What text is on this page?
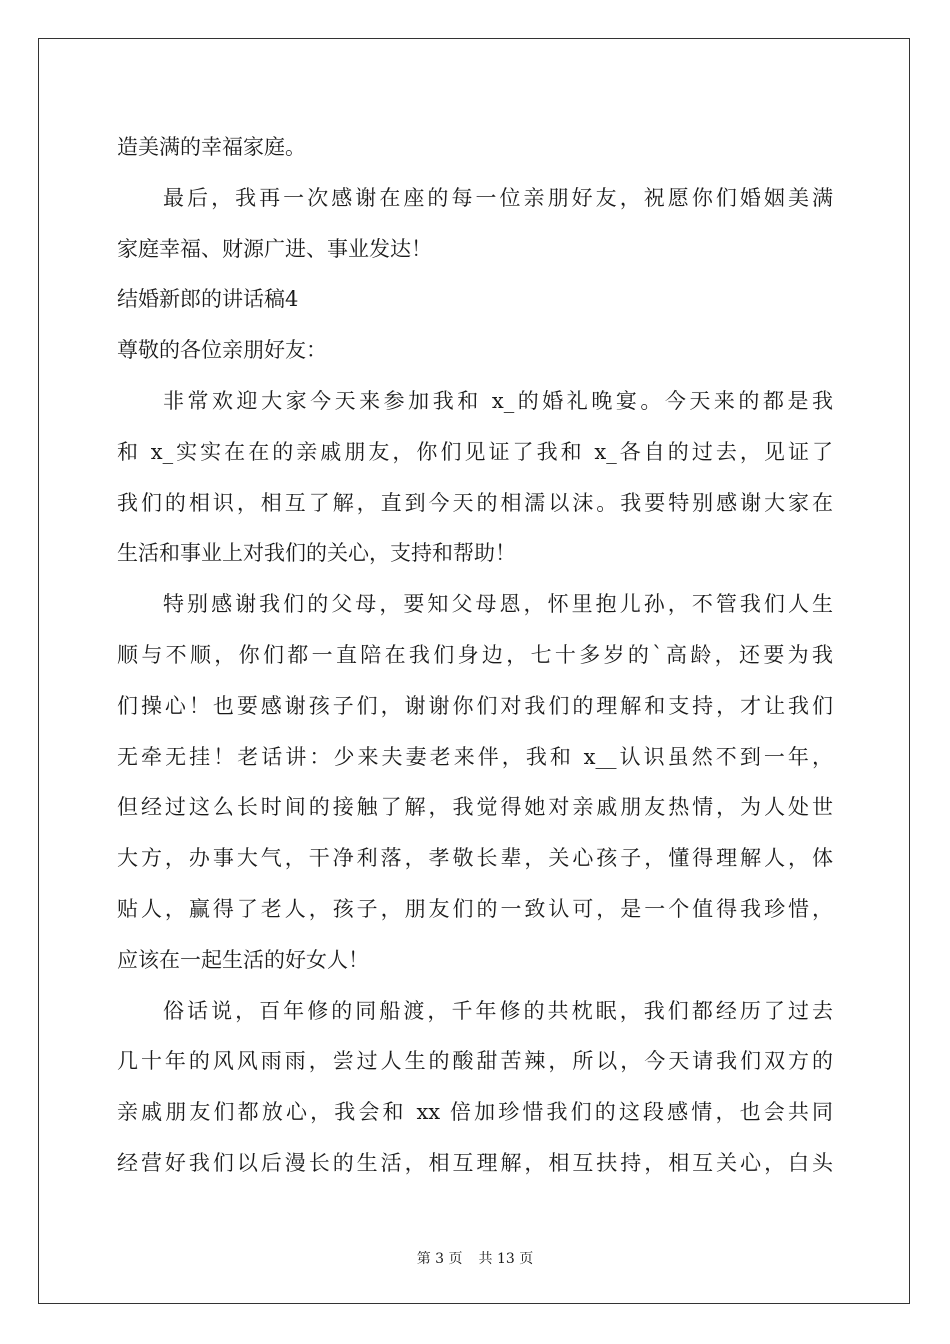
造美满的幸福家庭。
最后，我再一次感谢在座的每一位亲朋好友，祝愿你们婚姻美满
家庭幸福、财源广进、事业发达！
结婚新郎的讲话稿4
尊敬的各位亲朋好友：
非常欢迎大家今天来参加我和 x_的婚礼晚宴。今天来的都是我
和 x_实实在在的亲戚朋友，你们见证了我和 x_各自的过去，见证了
我们的相识，相互了解，直到今天的相濡以沫。我要特别感谢大家在
生活和事业上对我们的关心，支持和帮助！
特别感谢我们的父母，要知父母恩，怀里抱儿孙，不管我们人生
顺与不顺，你们都一直陪在我们身边，七十多岁的`高龄，还要为我
们操心！也要感谢孩子们，谢谢你们对我们的理解和支持，才让我们
无牵无挂！老话讲：少来夫妻老来伴，我和 x__认识虽然不到一年，
但经过这么长时间的接触了解，我觉得她对亲戚朋友热情，为人处世
大方，办事大气，干净利落，孝敬长辈，关心孩子，懂得理解人，体
贴人，赢得了老人，孩子，朋友们的一致认可，是一个值得我珍惜，
应该在一起生活的好女人！
俗话说，百年修的同船渡，千年修的共枕眠，我们都经历了过去
几十年的风风雨雨，尝过人生的酸甜苦辣，所以，今天请我们双方的
亲戚朋友们都放心，我会和 xx 倍加珍惜我们的这段感情，也会共同
经营好我们以后漫长的生活，相互理解，相互扶持，相互关心，白头
第 3 页 共 13 页
